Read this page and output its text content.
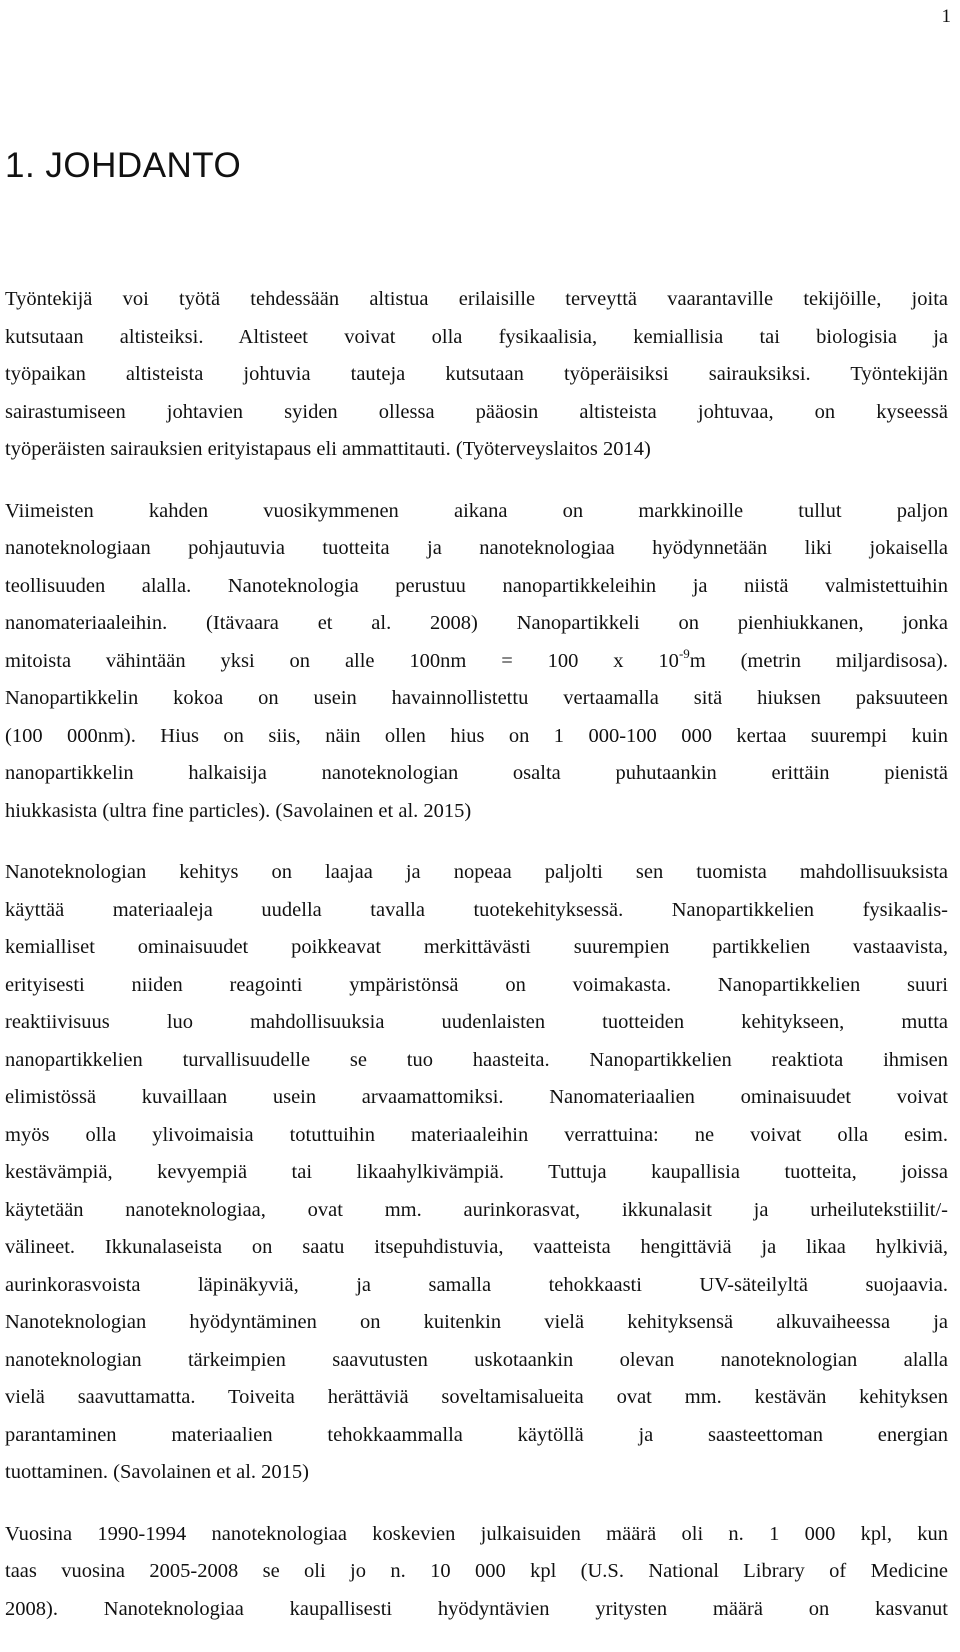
1
1. JOHDANTO
Työntekijä voi työtä tehdessään altistua erilaisille terveyttä vaarantaville tekijöille, joita
kutsutaan altisteiksi. Altisteet voivat olla fysikaalisia, kemiallisia tai biologisia ja
työpaikan altisteista johtuvia tauteja kutsutaan työperäisiksi sairauksiksi. Työntekijän
sairastumiseen johtavien syiden ollessa pääosin altisteista johtuvaa, on kyseessä
työperäisten sairauksien erityistapaus eli ammattitauti. (Työterveyslaitos 2014)
Viimeisten kahden vuosikymmenen aikana on markkinoille tullut paljon
nanoteknologiaan pohjautuvia tuotteita ja nanoteknologiaa hyödynnetään liki jokaisella
teollisuuden alalla. Nanoteknologia perustuu nanopartikkeleihin ja niistä valmistettuihin
nanomateriaaleihin. (Itävaara et al. 2008) Nanopartikkeli on pienhiukkanen, jonka
mitoista vähintään yksi on alle 100nm = 100 x $10^{-9}m$ (metrin miljardisosa).
Nanopartikkelin kokoa on usein havainnollistettu vertaamalla sitä hiuksen paksuuteen
(100 000nm). Hius on siis, näin ollen hius on 1 000-100 000 kertaa suurempi kuin
nanopartikkelin halkaisija nanoteknologian osalta puhutaankin erittäin pienistä
hiukkasista (ultra fine particles). (Savolainen et al. 2015)
Nanoteknologian kehitys on laajaa ja nopeaa paljolti sen tuomista mahdollisuuksista
käyttää materiaaleja uudella tavalla tuotekehityksessä. Nanopartikkelien fysikaalis-
kemialliset ominaisuudet poikkeavat merkittävästi suurempien partikkelien vastaavista,
erityisesti niiden reagointi ympäristönsä on voimakasta. Nanopartikkelien suuri
reaktiivisuus luo mahdollisuuksia uudenlaisten tuotteiden kehitykseen, mutta
nanopartikkelien turvallisuudelle se tuo haasteita. Nanopartikkelien reaktiota ihmisen
elimistössä kuvaillaan usein arvaamattomiksi. Nanomateriaalien ominaisuudet voivat
myös olla ylivoimaisia totuttuihin materiaaleihin verrattuina: ne voivat olla esim.
kestävämpiä, kevyempiä tai likaahylkivämpiä. Tuttuja kaupallisia tuotteita, joissa
käytetään nanoteknologiaa, ovat mm. aurinkorasvat, ikkunalasit ja urheilutekstiilit/-
välineet. Ikkunalaseista on saatu itsepuhdistuvia, vaatteista hengittäviä ja likaa hylkiviä,
aurinkorasvoista läpinäkyviä, ja samalla tehokkaasti UV-säteilyltä suojaavia.
Nanoteknologian hyödyntäminen on kuitenkin vielä kehityksensä alkuvaiheessa ja
nanoteknologian tärkeimpien saavutusten uskotaankin olevan nanoteknologian alalla
vielä saavuttamatta. Toiveita herättäviä soveltamisalueita ovat mm. kestävän kehityksen
parantaminen materiaalien tehokkaammalla käytöllä ja saasteettoman energian
tuottaminen. (Savolainen et al. 2015)
Vuosina 1990-1994 nanoteknologiaa koskevien julkaisuiden määrä oli n. 1 000 kpl, kun
taas vuosina 2005-2008 se oli jo n. 10 000 kpl (U.S. National Library of Medicine
2008). Nanoteknologiaa kaupallisesti hyödyntävien yritysten määrä on kasvanut
